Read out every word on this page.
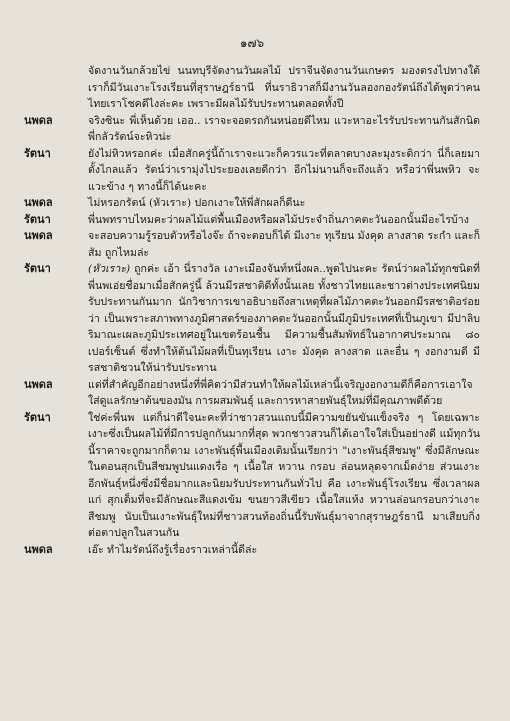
๑๗๖
จัดงานวันกล้วยไข่ นนทบุรีจัดงานวันผลไม้ ปราจีนจัดงานวันเกษตร มองตรงไปทางใต้ เราก็มีวันเงาะโรงเรียนที่สุราษฎร์ธานี ที่นราธิวาสก็มีงานวันลองกองรัตน์ถึงได้พูดว่าคนไทยเราโชคดีไงล่ะคะ เพราะมีผลไม้รับประทานตลอดทั้งปี
นพดล	จริงซินะ พี่เห็นด้วย เออ.. เราจะจอดรถกันหน่อยดีไหม แวะหาอะไรรับประทานกันสักนิด พี่กลัวรัตน์จะหิวน่ะ
รัตนา	ยังไม่หิวหรอกค่ะ เมื่อสักครู่นี้ถ้าเราจะแวะก็ควรแวะที่ตลาดบางละมุงระดิกว่า นี่ก็เลยมาตั้งไกลแล้ว รัตน์ว่าเรามุ่งไประยองเลยดีกว่า อีกไม่นานก็จะถึงแล้ว หรือว่าพี่นพหิว จะแวะข้าง ๆ ทางนี้ก็ได้นะคะ
นพดล	ไม่หรอกรัตน์ (หัวเราะ) ปอกเงาะให้พี่สักผลก็ดีนะ
รัตนา	พี่นพทราบไหมคะว่าผลไม้แต่พื้นเมืองหรือผลไม้ประจำถิ่นภาคตะวันออกนั้นมีอะไรบ้าง
นพดล	จะสอบความรู้รอบตัวหรือไงจ๊ะ ถ้าจะตอบก็ได้ มีเงาะ ทุเรียน มังคุด ลางสาด ระกำ และก็สัม ถูกไหมล่ะ
รัตนา	(หัวเราะ) ถูกค่ะ เอ้า นี่รางวัล เงาะเมืองจันท์หนึ่งผล..พูดไปนะคะ รัตน์ว่าผลไม้ทุกชนิดที่พี่นพเอ่ยชื่อมาเมื่อสักครู่นี้ ล้วนมีรสชาติดีทั้งนั้นเลย ทั้งชาวไทยและชาวต่างประเทศนิยมรับประทานกันมาก นักวิชาการเขาอธิบายถึงสาเหตุที่ผลไม้ภาคตะวันออกมีรสชาติอร่อยว่า เป็นเพราะสภาพทางภูมิศาสตร์ของภาคตะวันออกนั้นมีภูมิประเทศที่เป็นภูเขา มีปาลิบริมาณะเผละภูมิประเทศอยู่ในเขตร้อนชื้น มีความชื้นสัมพัทธ์ในอากาศประมาณ ๘๐ เปอร์เซ็นต์ ซึ่งทำให้ต้นไม้ผลที่เป็นทุเรียน เงาะ มังคุด ลางสาด และอื่น ๆ งอกงามดี มีรสชาติชวนให้น่ารับประทาน
นพดล	แต่ที่สำคัญอีกอย่างหนึ่งที่พี่คิดว่ามีส่วนทำให้ผลไม้เหล่านี้เจริญงอกงามดีก็คือการเอาใจใส่ดูแลรักษาต้นของมัน การผสมพันธุ์ และการหาสายพันธุ์ใหม่ที่มีคุณภาพดีด้วย
รัตนา	ใช่ค่ะพี่นพ แต่ก็น่าดีใจนะคะที่ว่าชาวสวนแถบนี้มีความขยันขันแข็งจริง ๆ โดยเฉพาะเงาะซึ่งเป็นผลไม้ที่มีการปลูกกันมากที่สุด พวกชาวสวนก็ได้เอาใจใส่เป็นอย่างดี แม้ทุกวันนี้ราคาจะถูกมากก็ตาม เงาะพันธุ์พื้นเมืองเดิมนั้นเรียกว่า "เงาะพันธุ์สีชมพู" ซึ่งมีลักษณะในตอนสุกเป็นสีชมพูปนแดงเรื่อ ๆ เนื้อใส หวาน กรอบ ล่อนหลุดจากเม็ดง่าย ส่วนเงาะอีกพันธุ์หนึ่งซึ่งมีชื่อมากและนิยมรับประทานกันทั่วไป คือ เงาะพันธุ์โรงเรียน ซึ่งเวลาผลแก่ สุกเต็มที่จะมีลักษณะสีแดงเข้ม ขนยาวสีเขียว เนื้อใสแห้ง หวานล่อนกรอบกว่าเงาะสีชมพู นับเป็นเงาะพันธุ์ใหม่ที่ชาวสวนท้องถิ่นนี้รับพันธุ์มาจากสุราษฎร์ธานี มาเสียบกิ่ง ต่อตาปลูกในสวนกัน
นพดล	เอ๊ะ ทำไมรัตน์ถึงรู้เรื่องราวเหล่านี้ดีล่ะ
